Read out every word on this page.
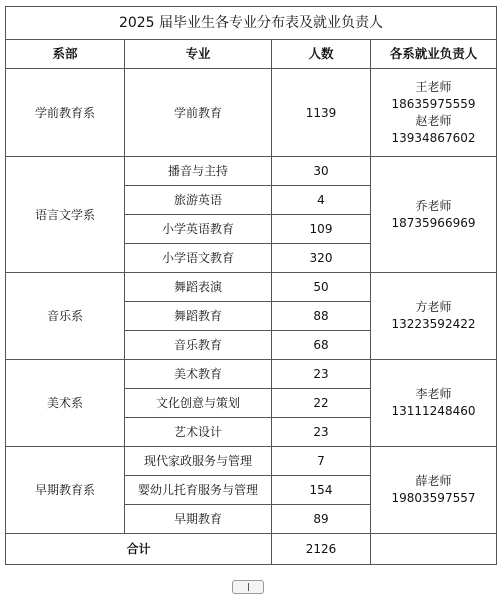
2025 届毕业生各专业分布表及就业负责人			
系部	专业	人数	各系就业负责人
学前教育系	学前教育	1139	王老师
18635975559
赵老师
13934867602

语言文学系	播音与主持	30	乔老师
18735966969

	旅游英语	4	
	小学英语教育	109	
	小学语文教育	320	
音乐系	舞蹈表演	50	方老师
13223592422

	舞蹈教育	88	
	音乐教育	68	
美术系	美术教育	23	李老师
13111248460

	文化创意与策划	22	
	艺术设计	23	
早期教育系	现代家政服务与管理	7	薛老师
19803597557

	婴幼儿托育服务与管理	154	
	早期教育	89	
合计		2126	
